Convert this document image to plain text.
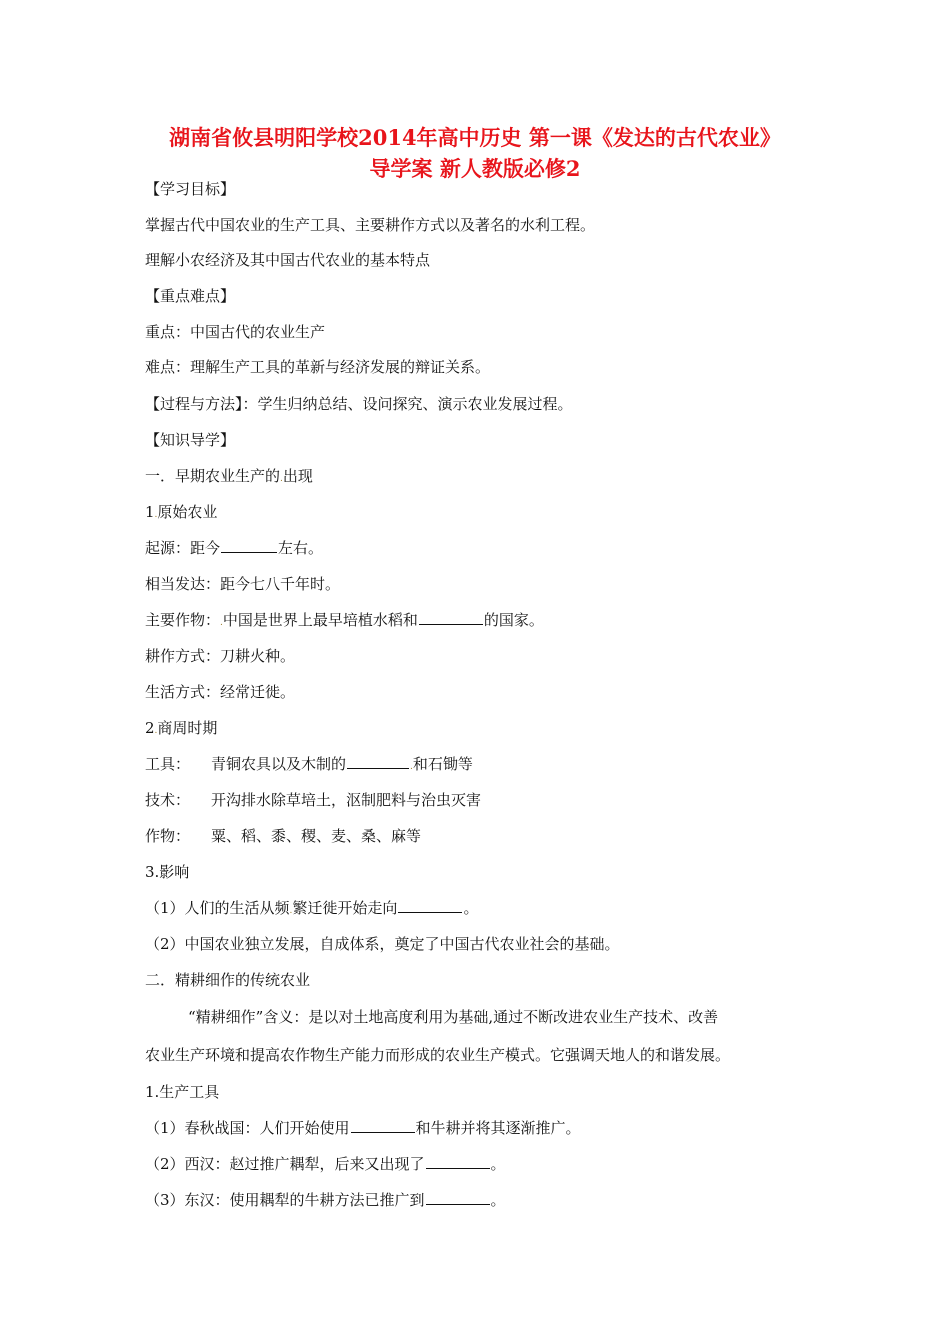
湖南省攸县明阳学校2014年高中历史 第一课《发达的古代农业》
导学案 新人教版必修2
【学习目标】
掌握古代中国农业的生产工具、主要耕作方式以及著名的水利工程。
理解小农经济及其中国古代农业的基本特点
【重点难点】
重点：中国古代的农业生产
难点：理解生产工具的革新与经济发展的辩证关系。
【过程与方法】：学生归纳总结、设问探究、演示农业发展过程。
【知识导学】
一．早期农业生产的.出现
1.原始农业
起源：距今	左右。
相当发达：距今七八千年时。
主要作物：.中国是世界上最早培植水稻和	的国家。
耕作方式：刀耕火种。
生活方式：经常迁徙。
2.商周时期
工具： 青铜农具以及木制的	.和石锄等
技术： 开沟排水除草培土，沤制肥料与治虫灭害
作物： 粟、稻、黍、稷、麦、桑、麻等
3.影响
（1）人们的生活从频.繁迁徙开始走向	。
（2）中国农业独立发展，自成体系，奠定了中国古代农业社会的基础。
二．精耕细作的传统农业
“精耕细作”含义：是以对土地高度利用为基础,通过不断改进农业生产技术、改善
农业生产环境和提高农作物生产能力而形成的农业生产模式。它强调天地人的和谐发展。
1.生产工具
（1）春秋战国：人们开始使用	和牛耕并将其逐渐推广。
（2）西汉：赵过推广耦犁，后来又出现了	。
（3）东汉：使用耦犁的牛耕方法已推广到	。
